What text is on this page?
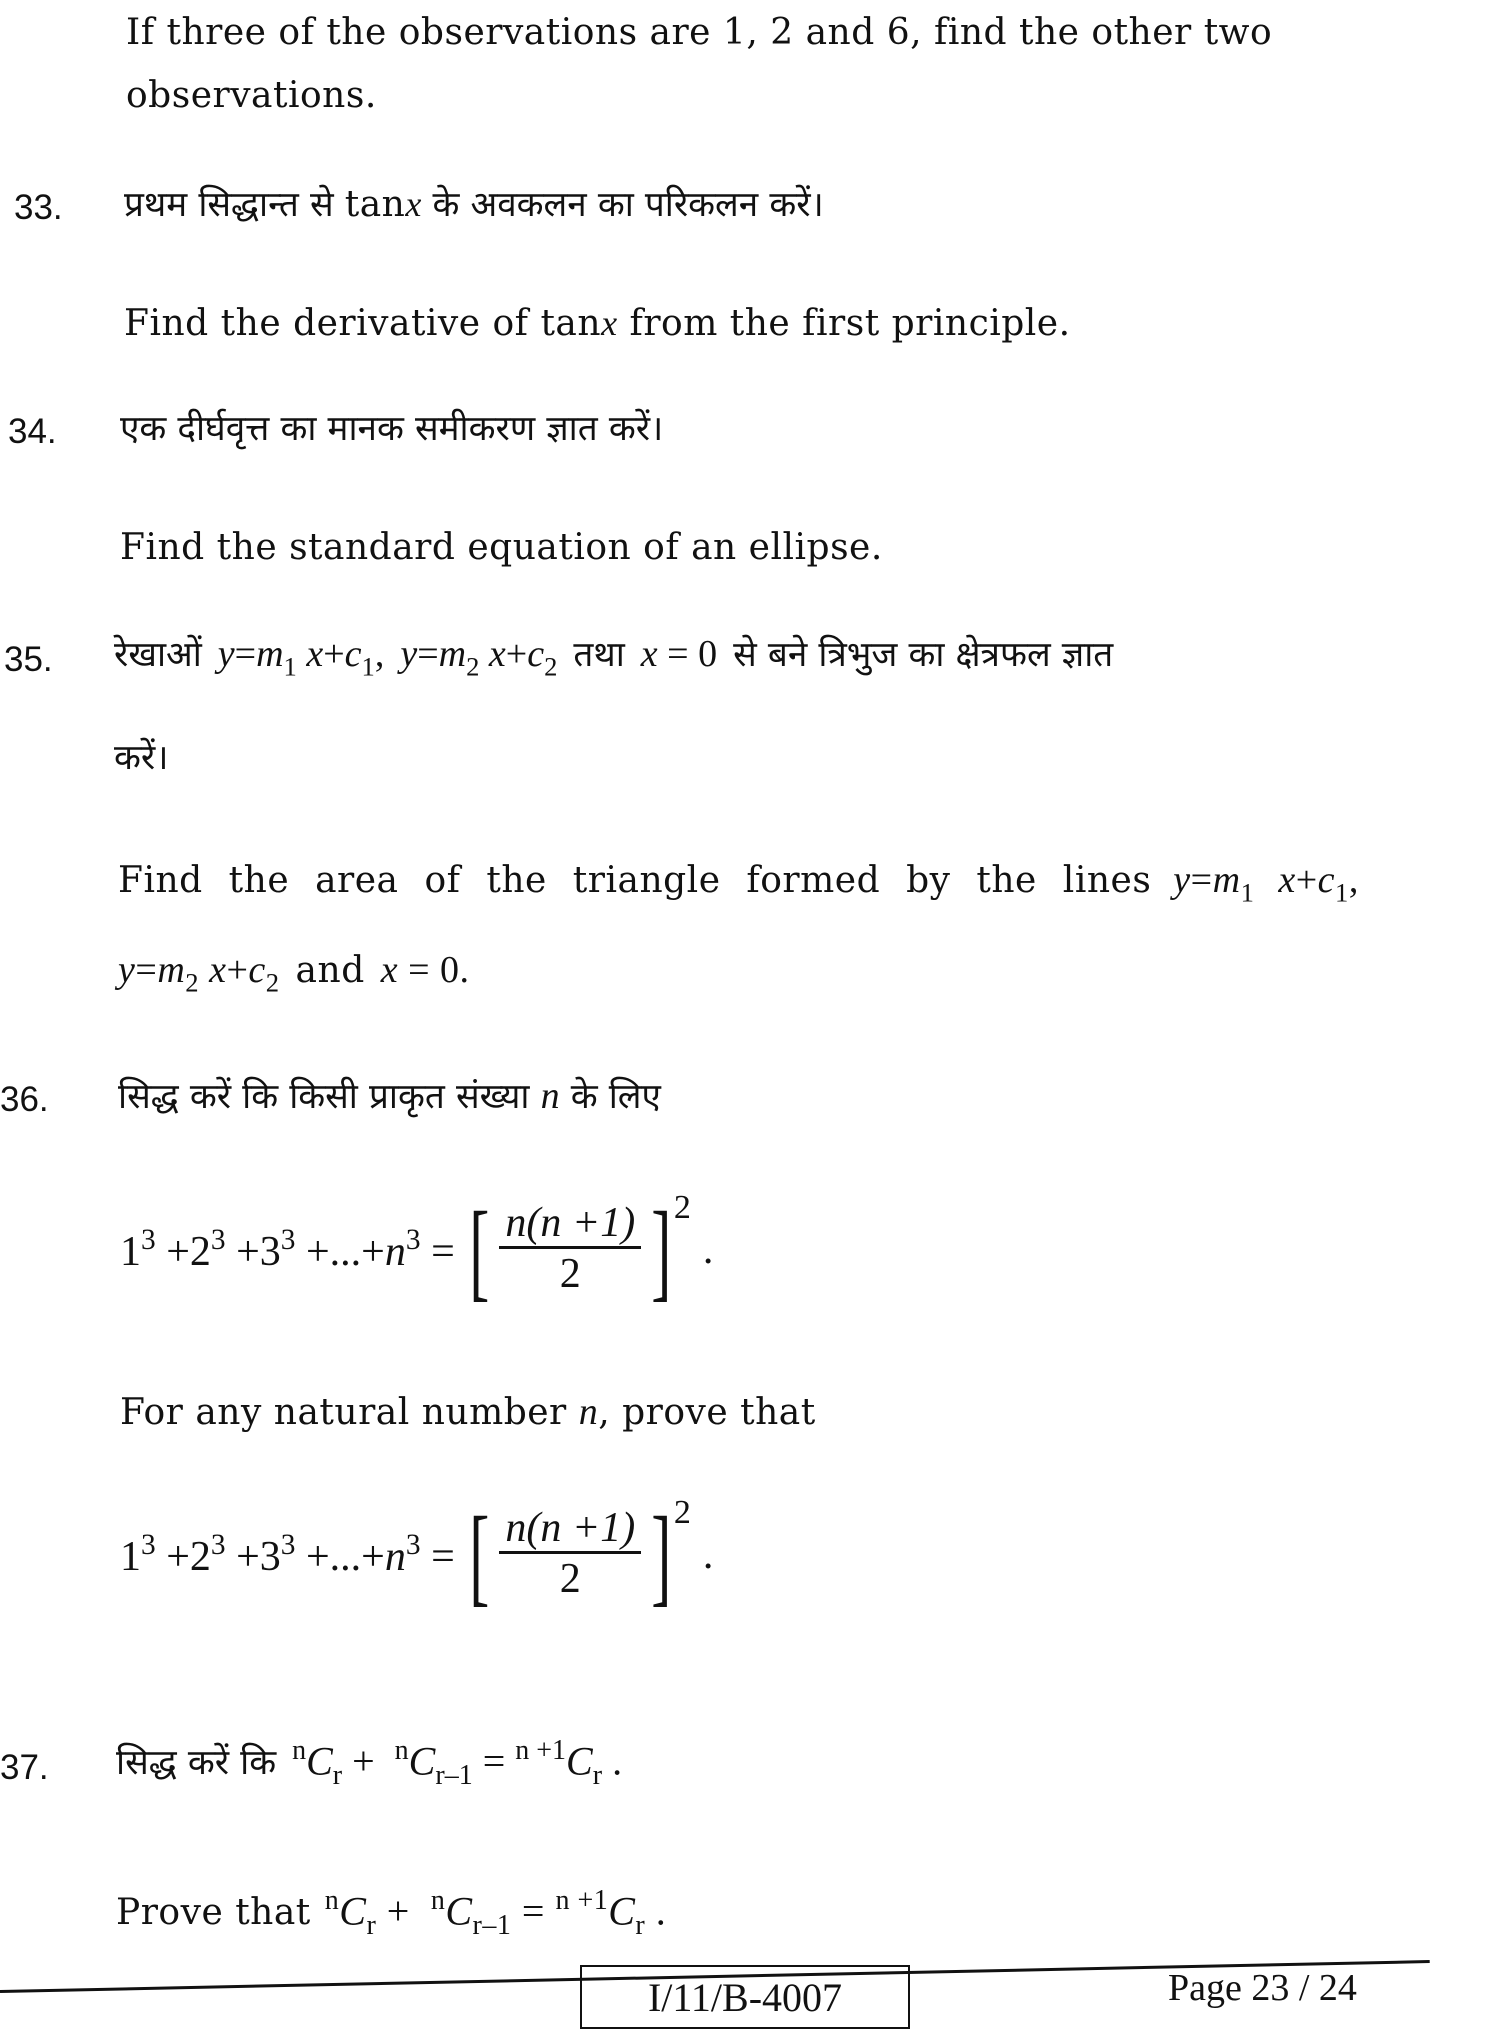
If three of the observations are 1, 2 and 6, find the other two
observations.
33. प्रथम सिद्धान्त से tanx के अवकलन का परिकलन करें।
Find the derivative of tanx from the first principle.
34. एक दीर्घवृत्त का मानक समीकरण ज्ञात करें।
Find the standard equation of an ellipse.
35. रेखाओं $y=m_1$ $x+c_1$, $y=m_2$ $x+c_2$ तथा x = 0 से बने त्रिभुज का क्षेत्रफल ज्ञात
करें।
Find the area of the triangle formed by the lines $y=m_1$ $x+c_1$,
$y=m_2$ $x+c_2$ and x = 0.
36. सिद्ध करें कि किसी प्राकृत संख्या n के लिए
$1^3 +2^3 +3^3 +...+n^3$ = [ $\frac{n(n +1)}{2}$ ] 2
.
For any natural number n, prove that
$1^3 +2^3 +3^3 +...+n^3$ = [ $\frac{n(n +1)}{2}$ ] 2
.
37. सिद्ध करें कि $^nC_r + ^nC_{r-1} = ^{n +1}C_r$ .
Prove that $^nC_r + ^nC_{r-1} = ^{n +1}C_r$ .
I/11/B-4007	Page 23 / 24
